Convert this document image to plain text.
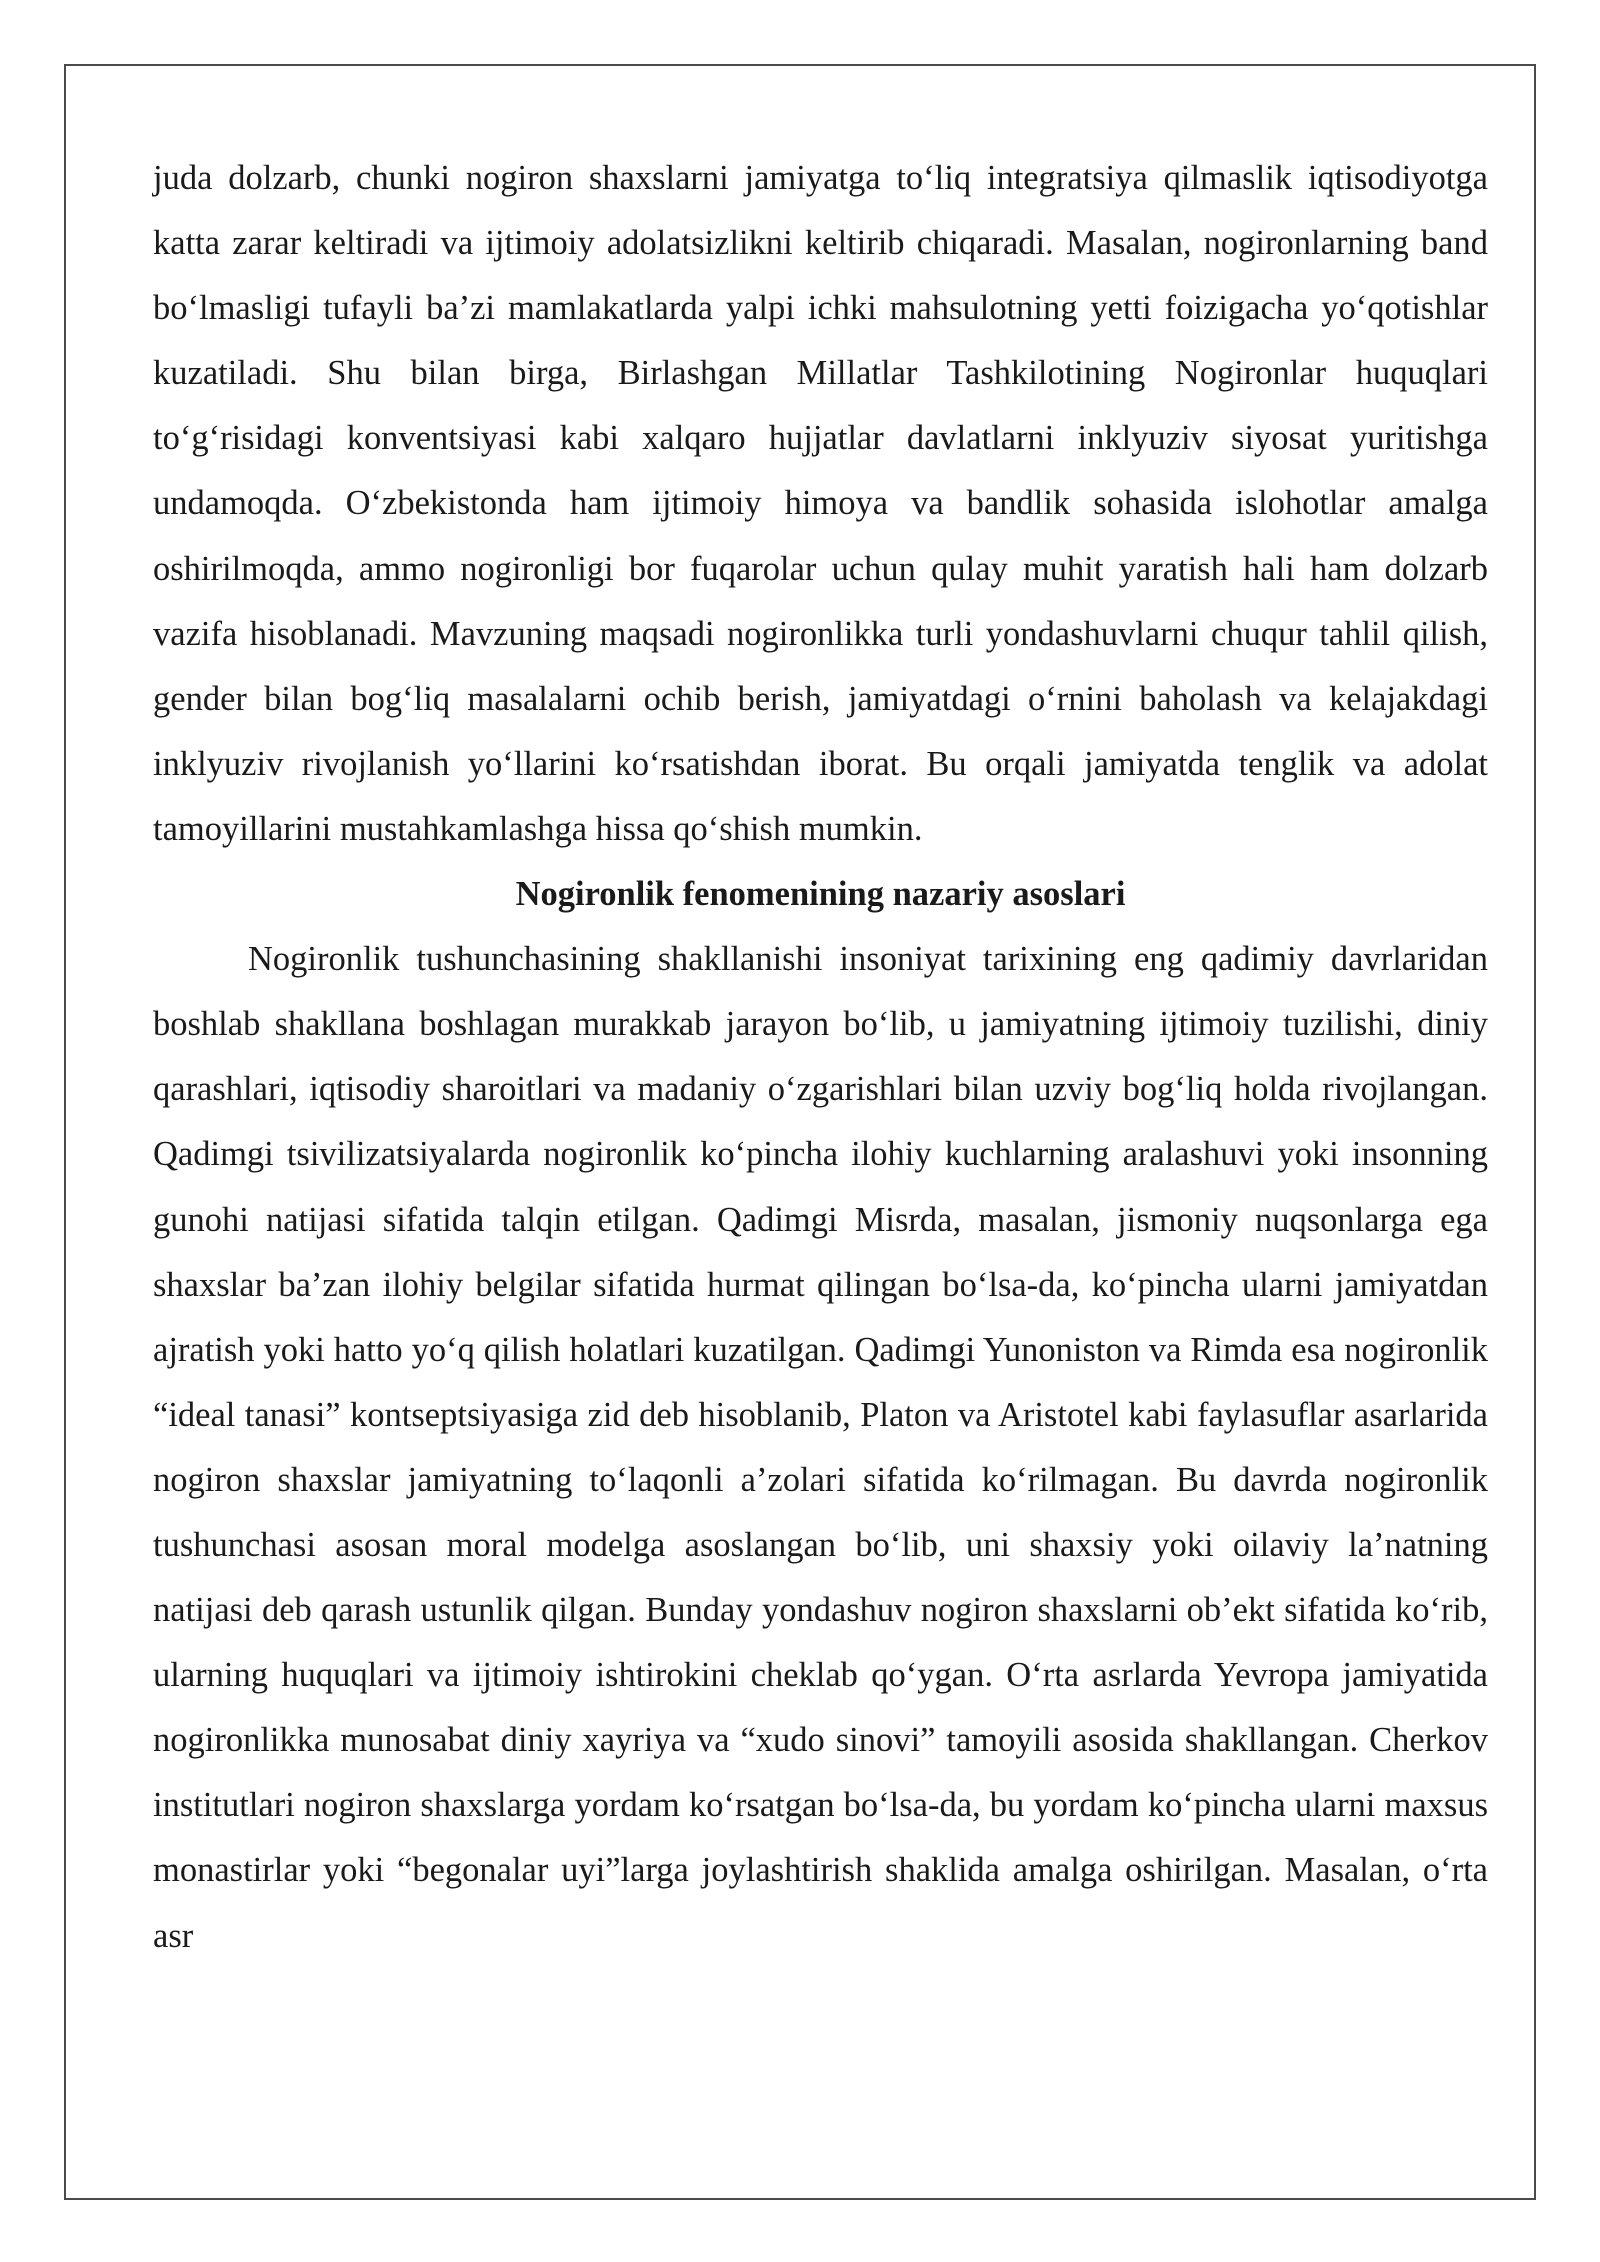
juda dolzarb, chunki nogiron shaxslarni jamiyatga to‘liq integratsiya qilmaslik iqtisodiyotga katta zarar keltiradi va ijtimoiy adolatsizlikni keltirib chiqaradi. Masalan, nogironlarning band bo‘lmasligi tufayli ba’zi mamlakatlarda yalpi ichki mahsulotning yetti foizigacha yo‘qotishlar kuzatiladi. Shu bilan birga, Birlashgan Millatlar Tashkilotining Nogironlar huquqlari to‘g‘risidagi konventsiyasi kabi xalqaro hujjatlar davlatlarni inklyuziv siyosat yuritishga undamoqda. O‘zbekistonda ham ijtimoiy himoya va bandlik sohasida islohotlar amalga oshirilmoqda, ammo nogironligi bor fuqarolar uchun qulay muhit yaratish hali ham dolzarb vazifa hisoblanadi. Mavzuning maqsadi nogironlikka turli yondashuvlarni chuqur tahlil qilish, gender bilan bog‘liq masalalarni ochib berish, jamiyatdagi o‘rnini baholash va kelajakdagi inklyuziv rivojlanish yo‘llarini ko‘rsatishdan iborat. Bu orqali jamiyatda tenglik va adolat tamoyillarini mustahkamlashga hissa qo‘shish mumkin.

Nogironlik fenomenining nazariy asoslari

Nogironlik tushunchasining shakllanishi insoniyat tarixining eng qadimiy davrlaridan boshlab shakllana boshlagan murakkab jarayon bo‘lib, u jamiyatning ijtimoiy tuzilishi, diniy qarashlari, iqtisodiy sharoitlari va madaniy o‘zgarishlari bilan uzviy bog‘liq holda rivojlangan. Qadimgi tsivilizatsiyalarda nogironlik ko‘pincha ilohiy kuchlarning aralashuvi yoki insonning gunohi natijasi sifatida talqin etilgan. Qadimgi Misrda, masalan, jismoniy nuqsonlarga ega shaxslar ba’zan ilohiy belgilar sifatida hurmat qilingan bo‘lsa-da, ko‘pincha ularni jamiyatdan ajratish yoki hatto yo‘q qilish holatlari kuzatilgan. Qadimgi Yunoniston va Rimda esa nogironlik “ideal tanasi” kontseptsiyasiga zid deb hisoblanib, Platon va Aristotel kabi faylasuflar asarlarida nogiron shaxslar jamiyatning to‘laqonli a’zolari sifatida ko‘rilmagan. Bu davrda nogironlik tushunchasi asosan moral modelga asoslangan bo‘lib, uni shaxsiy yoki oilaviy la’natning natijasi deb qarash ustunlik qilgan. Bunday yondashuv nogiron shaxslarni ob’ekt sifatida ko‘rib, ularning huquqlari va ijtimoiy ishtirokini cheklab qo‘ygan. O‘rta asrlarda Yevropa jamiyatida nogironlikka munosabat diniy xayriya va “xudo sinovi” tamoyili asosida shakllangan. Cherkov institutlari nogiron shaxslarga yordam ko‘rsatgan bo‘lsa-da, bu yordam ko‘pincha ularni maxsus monastirlar yoki “begonalar uyi”larga joylashtirish shaklida amalga oshirilgan. Masalan, o‘rta asr
